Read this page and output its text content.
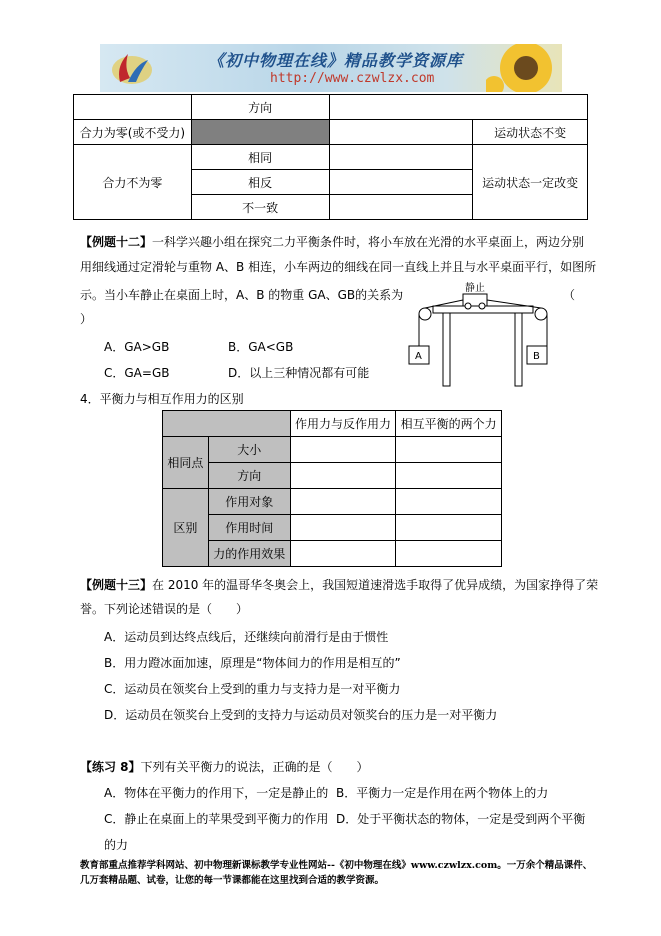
《初中物理在线》精品教学资源库
http://www.czwlzx.com
	方向		
合力为零(或不受力)			运动状态不变
合力不为零	相同		运动状态一定改变
	相反		
	不一致		
【例题十二】一科学兴趣小组在探究二力平衡条件时，将小车放在光滑的水平桌面上，两边分别
用细线通过定滑轮与重物 A、B 相连，小车两边的细线在同一直线上并且与水平桌面平行，如图所
示。当小车静止在桌面上时，A、B 的物重 GA、GB的关系为	（
）
A．GA>GB	B．GA<GB
C．GA=GB	D．以上三种情况都有可能
静止
A	B
4．平衡力与相互作用力的区别
		作用力与反作用力	相互平衡的两个力
相同点	大小		
	方向		
区别	作用对象		
	作用时间		
	力的作用效果		
【例题十三】在 2010 年的温哥华冬奥会上，我国短道速滑选手取得了优异成绩，为国家挣得了荣
誉。下列论述错误的是（　　）
A．运动员到达终点线后，还继续向前滑行是由于惯性
B．用力蹬冰面加速，原理是“物体间力的作用是相互的”
C．运动员在领奖台上受到的重力与支持力是一对平衡力
D．运动员在领奖台上受到的支持力与运动员对领奖台的压力是一对平衡力
【练习 8】下列有关平衡力的说法，正确的是（　　）
A．物体在平衡力的作用下，一定是静止的 B．平衡力一定是作用在两个物体上的力
C．静止在桌面上的苹果受到平衡力的作用 D．处于平衡状态的物体，一定是受到两个平衡
的力
教育部重点推荐学科网站、初中物理新课标教学专业性网站--《初中物理在线》www.czwlzx.com。一万余个精品课件、
几万套精品题、试卷，让您的每一节课都能在这里找到合适的教学资源。
